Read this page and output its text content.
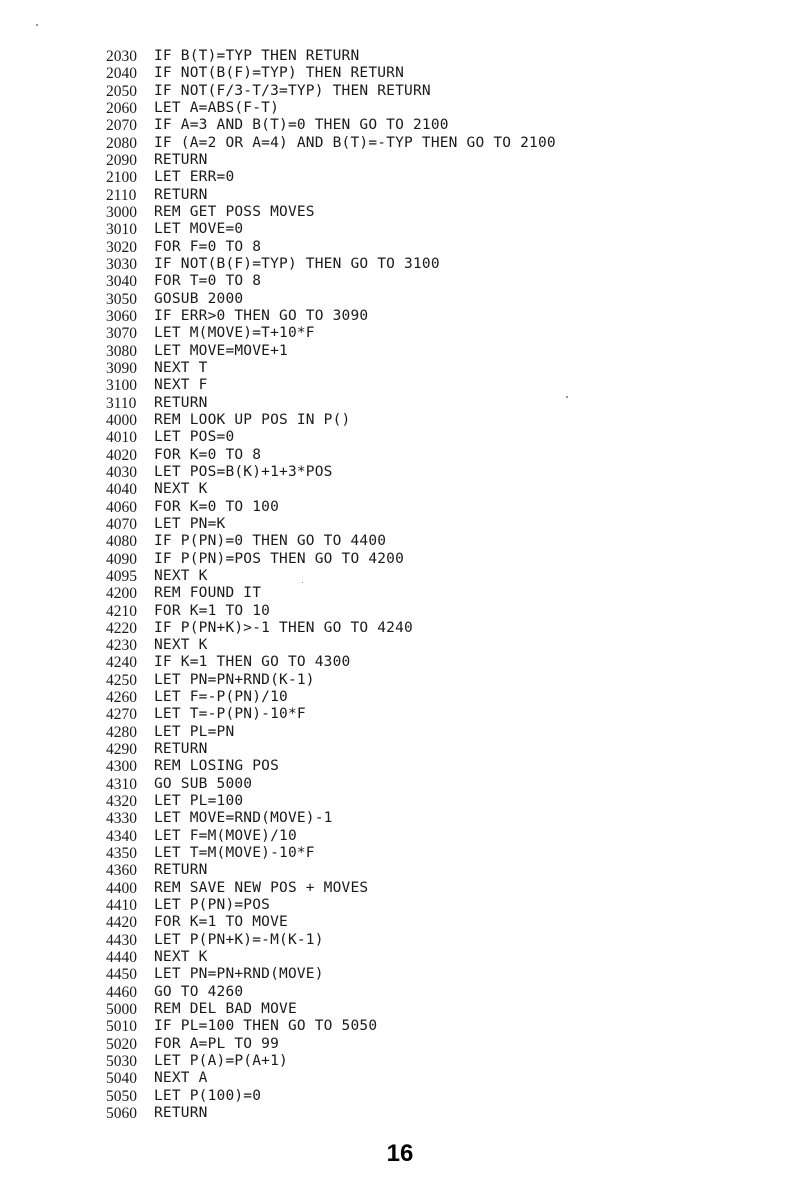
2030	IF B(T)=TYP THEN RETURN
2040	IF NOT(B(F)=TYP) THEN RETURN
2050	IF NOT(F/3-T/3=TYP) THEN RETURN
2060	LET A=ABS(F-T)
2070	IF A=3 AND B(T)=0 THEN GO TO 2100
2080	IF (A=2 OR A=4) AND B(T)=-TYP THEN GO TO 2100
2090	RETURN
2100	LET ERR=0
2110	RETURN
3000	REM GET POSS MOVES
3010	LET MOVE=0
3020	FOR F=0 TO 8
3030	IF NOT(B(F)=TYP) THEN GO TO 3100
3040	FOR T=0 TO 8
3050	GOSUB 2000
3060	IF ERR>0 THEN GO TO 3090
3070	LET M(MOVE)=T+10*F
3080	LET MOVE=MOVE+1
3090	NEXT T
3100	NEXT F
3110	RETURN
4000	REM LOOK UP POS IN P()
4010	LET POS=0
4020	FOR K=0 TO 8
4030	LET POS=B(K)+1+3*POS
4040	NEXT K
4060	FOR K=0 TO 100
4070	LET PN=K
4080	IF P(PN)=0 THEN GO TO 4400
4090	IF P(PN)=POS THEN GO TO 4200
4095	NEXT K
4200	REM FOUND IT
4210	FOR K=1 TO 10
4220	IF P(PN+K)>-1 THEN GO TO 4240
4230	NEXT K
4240	IF K=1 THEN GO TO 4300
4250	LET PN=PN+RND(K-1)
4260	LET F=-P(PN)/10
4270	LET T=-P(PN)-10*F
4280	LET PL=PN
4290	RETURN
4300	REM LOSING POS
4310	GO SUB 5000
4320	LET PL=100
4330	LET MOVE=RND(MOVE)-1
4340	LET F=M(MOVE)/10
4350	LET T=M(MOVE)-10*F
4360	RETURN
4400	REM SAVE NEW POS + MOVES
4410	LET P(PN)=POS
4420	FOR K=1 TO MOVE
4430	LET P(PN+K)=-M(K-1)
4440	NEXT K
4450	LET PN=PN+RND(MOVE)
4460	GO TO 4260
5000	REM DEL BAD MOVE
5010	IF PL=100 THEN GO TO 5050
5020	FOR A=PL TO 99
5030	LET P(A)=P(A+1)
5040	NEXT A
5050	LET P(100)=0
5060	RETURN
16
